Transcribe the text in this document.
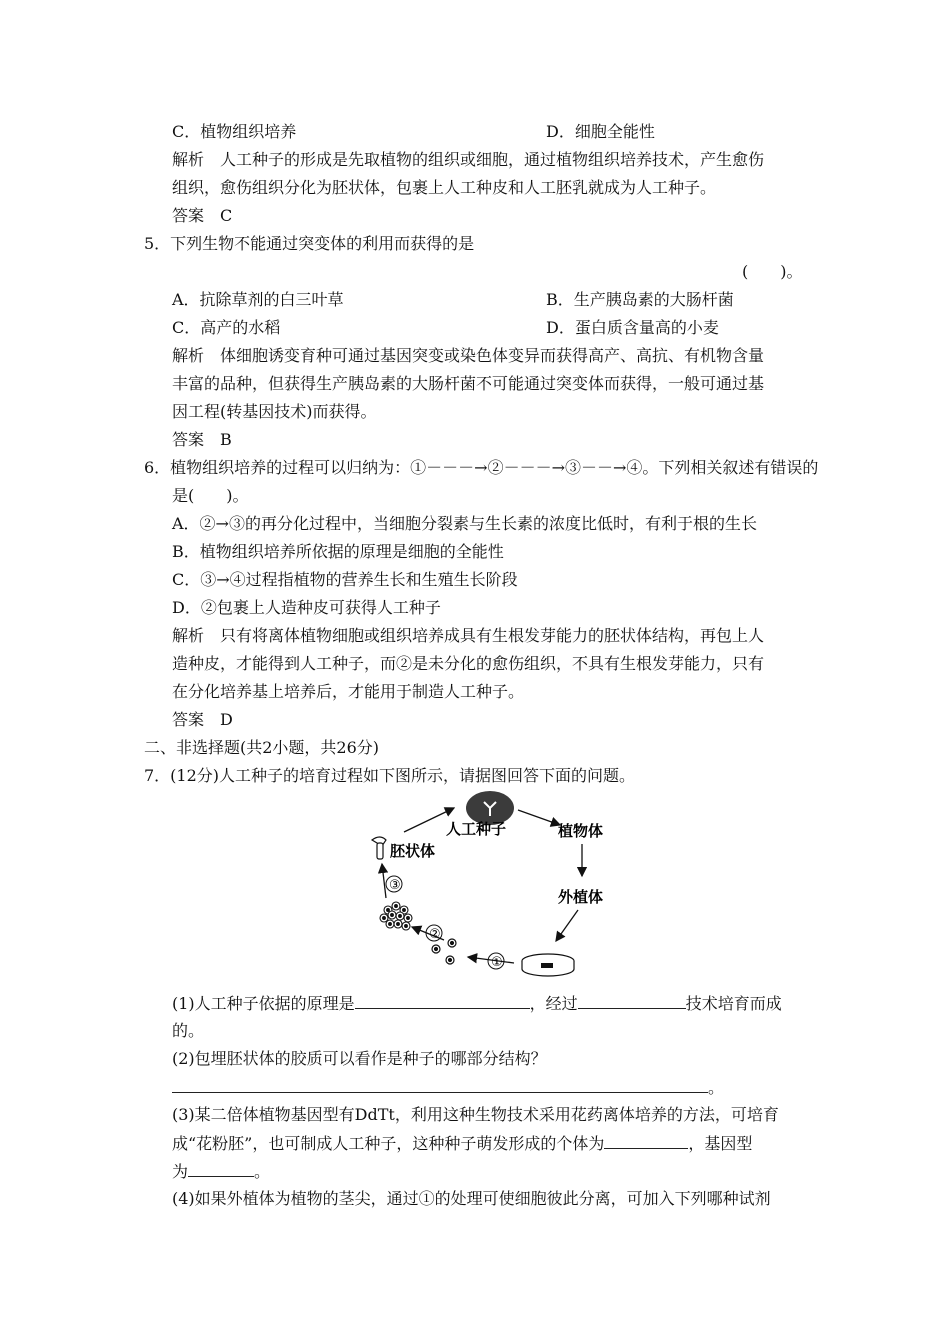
C．植物组织培养	D．细胞全能性
解析　人工种子的形成是先取植物的组织或细胞，通过植物组织培养技术，产生愈伤
组织，愈伤组织分化为胚状体，包裹上人工种皮和人工胚乳就成为人工种子。
答案　C
5．下列生物不能通过突变体的利用而获得的是
(　　)。
A．抗除草剂的白三叶草	B．生产胰岛素的大肠杆菌
C．高产的水稻	D．蛋白质含量高的小麦
解析　体细胞诱变育种可通过基因突变或染色体变异而获得高产、高抗、有机物含量
丰富的品种，但获得生产胰岛素的大肠杆菌不可能通过突变体而获得，一般可通过基
因工程(转基因技术)而获得。
答案　B
6．植物组织培养的过程可以归纳为：①－－－→②－－－→③－－→④。下列相关叙述有错误的
是(　　)。
A．②→③的再分化过程中，当细胞分裂素与生长素的浓度比低时，有利于根的生长
B．植物组织培养所依据的原理是细胞的全能性
C．③→④过程指植物的营养生长和生殖生长阶段
D．②包裹上人造种皮可获得人工种子
解析　只有将离体植物细胞或组织培养成具有生根发芽能力的胚状体结构，再包上人
造种皮，才能得到人工种子，而②是未分化的愈伤组织，不具有生根发芽能力，只有
在分化培养基上培养后，才能用于制造人工种子。
答案　D
二、非选择题(共2小题，共26分)
7．(12分)人工种子的培育过程如下图所示，请据图回答下面的问题。
人工种子	植物体
外植体
①
②
③
胚状体
(1)人工种子依据的原理是	，经过	技术培育而成
的。
(2)包埋胚状体的胶质可以看作是种子的哪部分结构？
。
(3)某二倍体植物基因型有DdTt，利用这种生物技术采用花药离体培养的方法，可培育
成“花粉胚”，也可制成人工种子，这种种子萌发形成的个体为	，基因型
为	。
(4)如果外植体为植物的茎尖，通过①的处理可使细胞彼此分离，可加入下列哪种试剂
